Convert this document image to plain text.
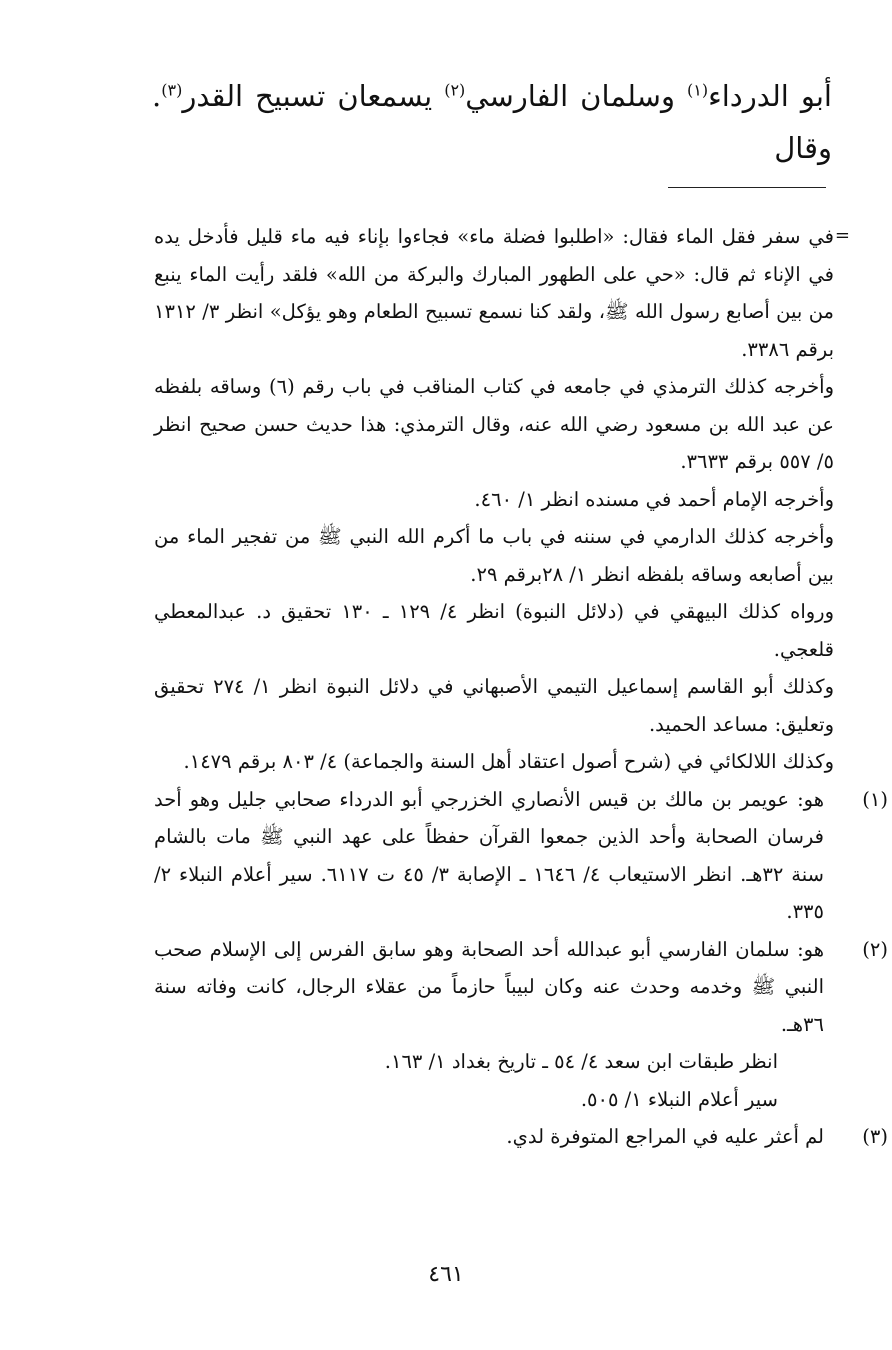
أبو الدرداء$^{(١)}$ وسلمان الفارسي$^{(٢)}$ يسمعان تسبيح القدر$^{(٣)}$. وقال
=

في سفر فقل الماء فقال: «اطلبوا فضلة ماء» فجاءوا بإناء فيه ماء قليل فأدخل يده في الإناء ثم قال: «حي على الطهور المبارك والبركة من الله» فلقد رأيت الماء ينبع من بين أصابع رسول الله ﷺ، ولقد كنا نسمع تسبيح الطعام وهو يؤكل» انظر ٣/ ١٣١٢ برقم ٣٣٨٦.

وأخرجه كذلك الترمذي في جامعه في كتاب المناقب في باب رقم (٦) وساقه بلفظه عن عبد الله بن مسعود رضي الله عنه، وقال الترمذي: هذا حديث حسن صحيح انظر ٥/ ٥٥٧ برقم ٣٦٣٣.

وأخرجه الإمام أحمد في مسنده انظر ١/ ٤٦٠.

وأخرجه كذلك الدارمي في سننه في باب ما أكرم الله النبي ﷺ من تفجير الماء من بين أصابعه وساقه بلفظه انظر ١/ ٢٨برقم ٢٩.

ورواه كذلك البيهقي في (دلائل النبوة) انظر ٤/ ١٢٩ ـ ١٣٠ تحقيق د. عبدالمعطي قلعجي.

وكذلك أبو القاسم إسماعيل التيمي الأصبهاني في دلائل النبوة انظر ١/ ٢٧٤ تحقيق وتعليق: مساعد الحميد.

وكذلك اللالكائي في (شرح أصول اعتقاد أهل السنة والجماعة) ٤/ ٨٠٣ برقم ١٤٧٩.

(١)

هو: عويمر بن مالك بن قيس الأنصاري الخزرجي أبو الدرداء صحابي جليل وهو أحد فرسان الصحابة وأحد الذين جمعوا القرآن حفظاً على عهد النبي ﷺ مات بالشام سنة ٣٢هـ. انظر الاستيعاب ٤/ ١٦٤٦ ـ الإصابة ٣/ ٤٥ ت ٦١١٧. سير أعلام النبلاء ٢/ ٣٣٥.

(٢)

هو: سلمان الفارسي أبو عبدالله أحد الصحابة وهو سابق الفرس إلى الإسلام صحب النبي ﷺ وخدمه وحدث عنه وكان لبيباً حازماً من عقلاء الرجال، كانت وفاته سنة ٣٦هـ.

انظر طبقات ابن سعد ٤/ ٥٤ ـ تاريخ بغداد ١/ ١٦٣.

سير أعلام النبلاء ١/ ٥٠٥.

(٣)

لم أعثر عليه في المراجع المتوفرة لدي.

٤٦١
